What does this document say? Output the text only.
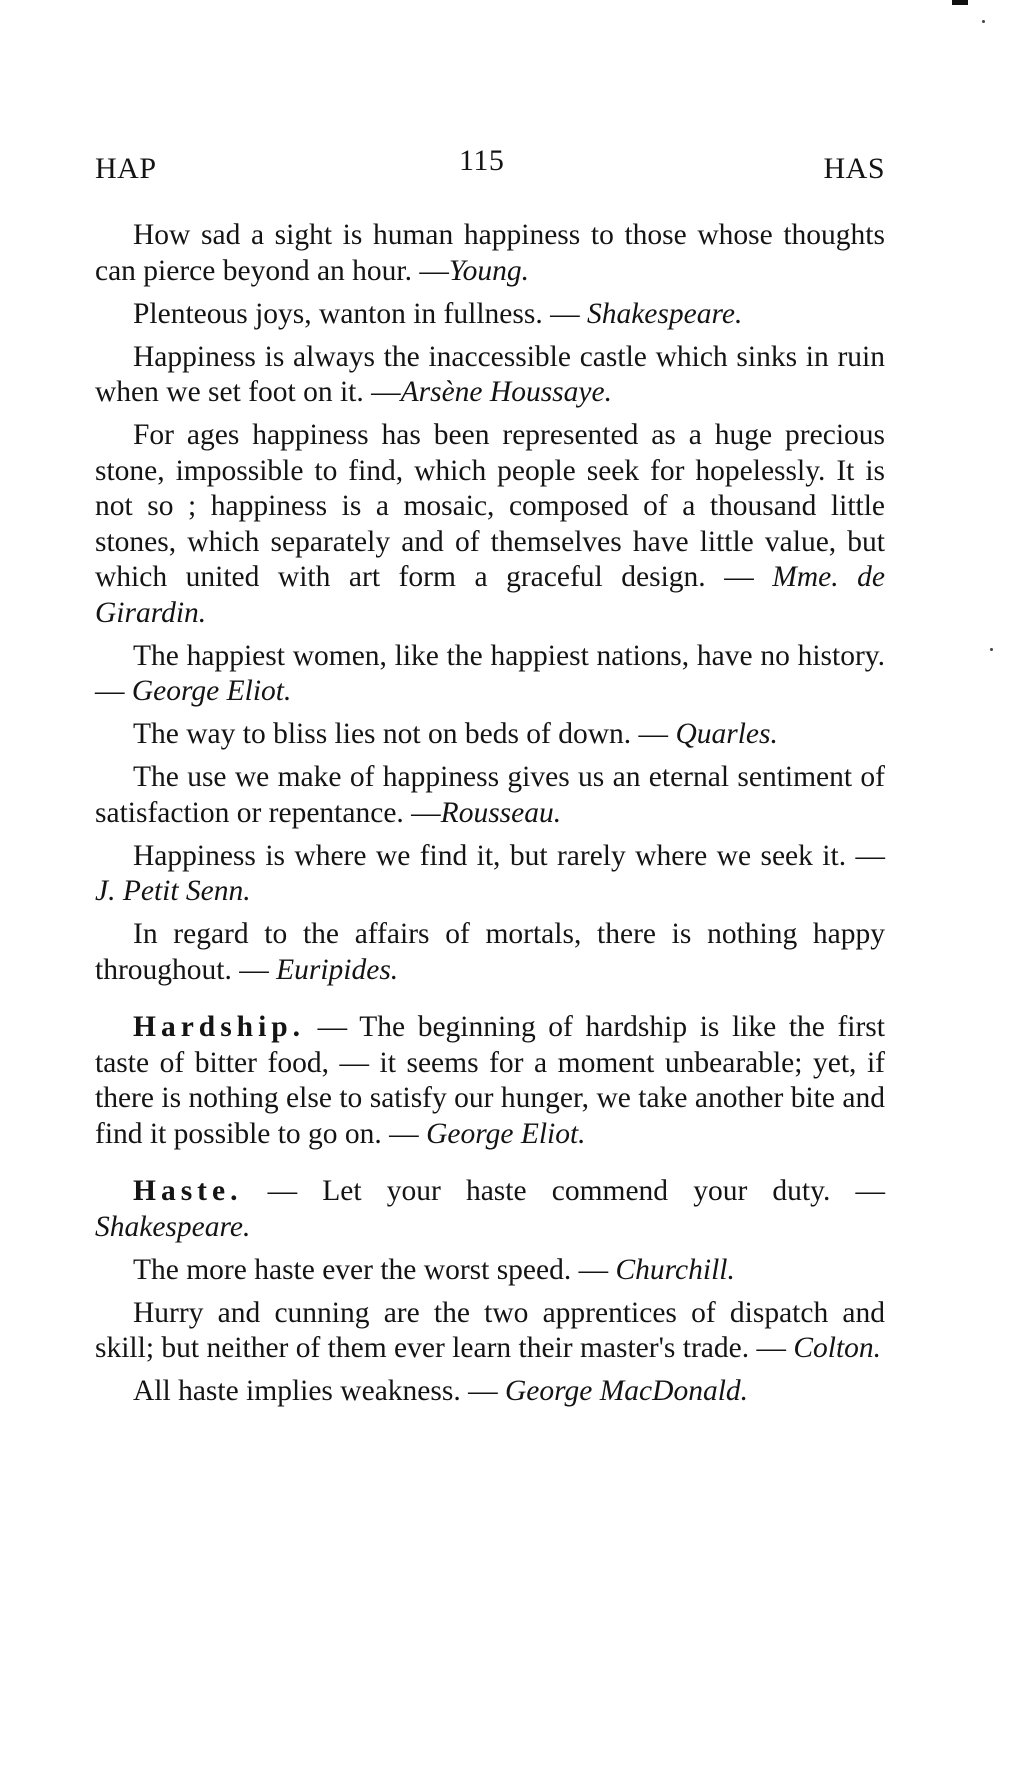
HAP	115	HAS

How sad a sight is human happiness to those whose thoughts can pierce beyond an hour. —Young.

Plenteous joys, wanton in fullness. — Shakespeare.

Happiness is always the inaccessible castle which sinks in ruin when we set foot on it. —Arsène Houssaye.

For ages happiness has been represented as a huge precious stone, impossible to find, which people seek for hopelessly. It is not so ; happiness is a mosaic, composed of a thousand little stones, which separately and of themselves have little value, but which united with art form a graceful design. — Mme. de Girardin.

The happiest women, like the happiest nations, have no history. — George Eliot.

The way to bliss lies not on beds of down. — Quarles.

The use we make of happiness gives us an eternal sentiment of satisfaction or repentance. —Rousseau.

Happiness is where we find it, but rarely where we seek it. — J. Petit Senn.

In regard to the affairs of mortals, there is nothing happy throughout. — Euripides.

Hardship. — The beginning of hardship is like the first taste of bitter food, — it seems for a moment unbearable; yet, if there is nothing else to satisfy our hunger, we take another bite and find it possible to go on. — George Eliot.

Haste. — Let your haste commend your duty. — Shakespeare.

The more haste ever the worst speed. — Churchill.

Hurry and cunning are the two apprentices of dispatch and skill; but neither of them ever learn their master's trade. — Colton.

All haste implies weakness. — George MacDonald.
